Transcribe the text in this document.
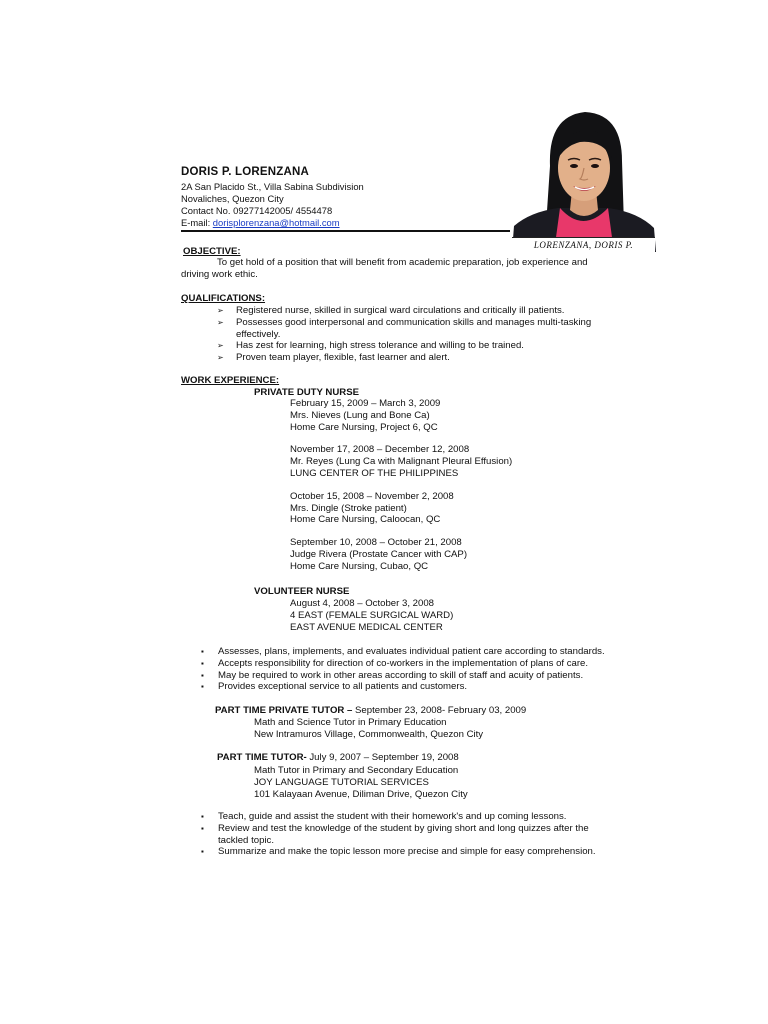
DORIS P. LORENZANA
2A San Placido St., Villa Sabina Subdivision
Novaliches, Quezon City
Contact No. 09277142005/ 4554478
E-mail: dorisplorenzana@hotmail.com
LORENZANA, DORIS P.
OBJECTIVE:
To get hold of a position that will benefit from academic preparation, job experience and
driving work ethic.
QUALIFICATIONS:
➢ Registered nurse, skilled in surgical ward circulations and critically ill patients.
➢ Possesses good interpersonal and communication skills and manages multi-tasking
effectively.
➢ Has zest for learning, high stress tolerance and willing to be trained.
➢ Proven team player, flexible, fast learner and alert.
WORK EXPERIENCE:
PRIVATE DUTY NURSE
February 15, 2009 – March 3, 2009
Mrs. Nieves (Lung and Bone Ca)
Home Care Nursing, Project 6, QC
November 17, 2008 – December 12, 2008
Mr. Reyes (Lung Ca with Malignant Pleural Effusion)
LUNG CENTER OF THE PHILIPPINES
October 15, 2008 – November 2, 2008
Mrs. Dingle (Stroke patient)
Home Care Nursing, Caloocan, QC
September 10, 2008 – October 21, 2008
Judge Rivera (Prostate Cancer with CAP)
Home Care Nursing, Cubao, QC
VOLUNTEER NURSE
August 4, 2008 – October 3, 2008
4 EAST (FEMALE SURGICAL WARD)
EAST AVENUE MEDICAL CENTER
▪ Assesses, plans, implements, and evaluates individual patient care according to standards.
▪ Accepts responsibility for direction of co-workers in the implementation of plans of care.
▪ May be required to work in other areas according to skill of staff and acuity of patients.
▪ Provides exceptional service to all patients and customers.
PART TIME PRIVATE TUTOR – September 23, 2008- February 03, 2009
Math and Science Tutor in Primary Education
New Intramuros Village, Commonwealth, Quezon City
PART TIME TUTOR- July 9, 2007 – September 19, 2008
Math Tutor in Primary and Secondary Education
JOY LANGUAGE TUTORIAL SERVICES
101 Kalayaan Avenue, Diliman Drive, Quezon City
▪ Teach, guide and assist the student with their homework's and up coming lessons.
▪ Review and test the knowledge of the student by giving short and long quizzes after the
tackled topic.
▪ Summarize and make the topic lesson more precise and simple for easy comprehension.
